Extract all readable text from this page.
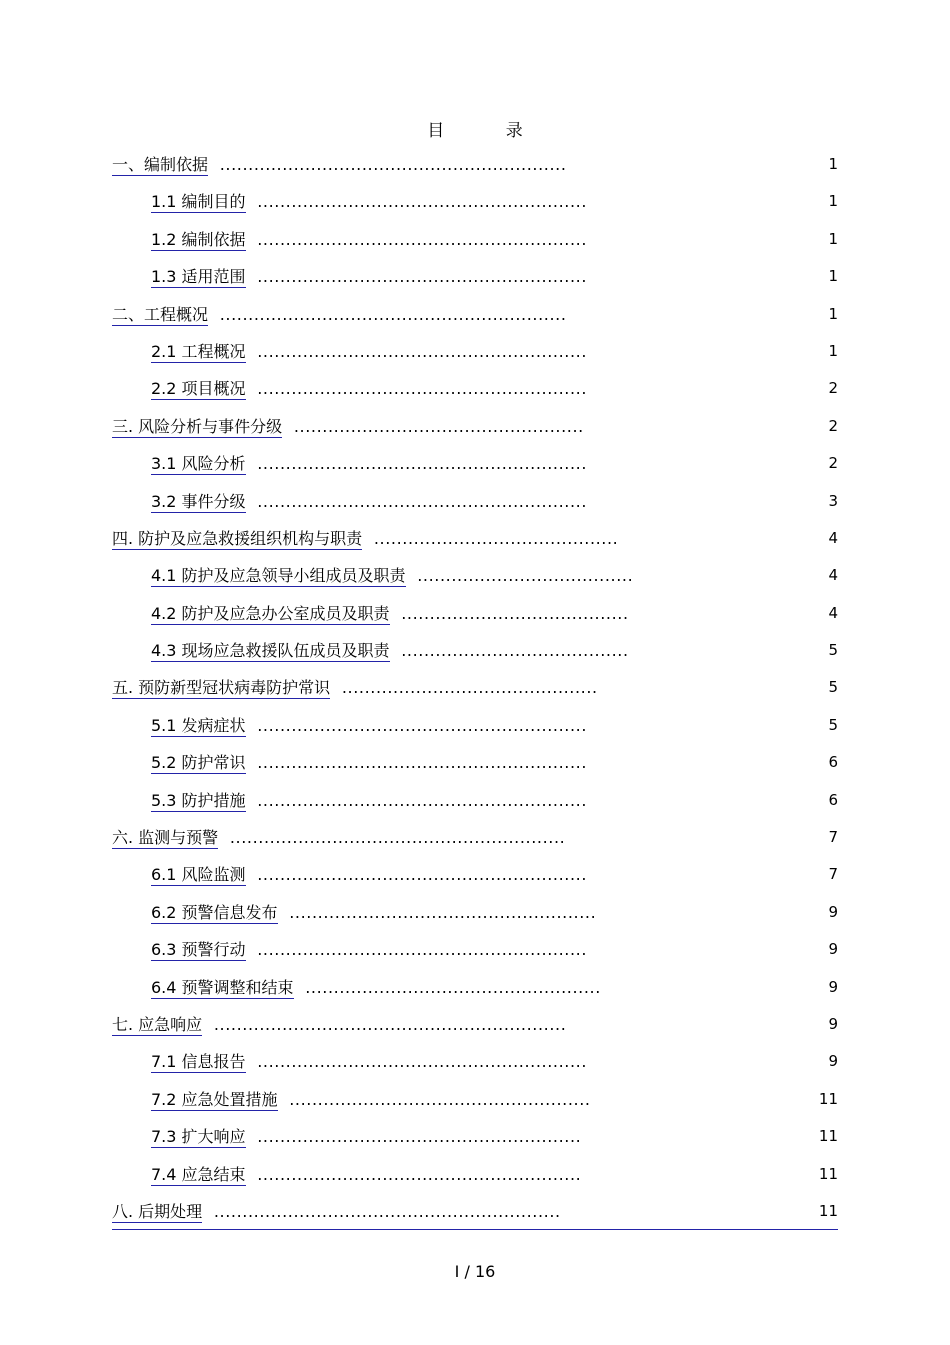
目 录
一、编制依据 .............................................................	1
1.1 编制目的 ..........................................................	1
1.2 编制依据 ..........................................................	1
1.3 适用范围 ..........................................................	1
二、工程概况 .............................................................	1
2.1 工程概况 ..........................................................	1
2.2 项目概况 ..........................................................	2
三. 风险分析与事件分级 ...................................................	2
3.1 风险分析 ..........................................................	2
3.2 事件分级 ..........................................................	3
四. 防护及应急救援组织机构与职责 ...........................................	4
4.1 防护及应急领导小组成员及职责 ......................................	4
4.2 防护及应急办公室成员及职责 ........................................	4
4.3 现场应急救援队伍成员及职责 ........................................	5
五. 预防新型冠状病毒防护常识 .............................................	5
5.1 发病症状 ..........................................................	5
5.2 防护常识 ..........................................................	6
5.3 防护措施 ..........................................................	6
六. 监测与预警 ...........................................................	7
6.1 风险监测 ..........................................................	7
6.2 预警信息发布 ......................................................	9
6.3 预警行动 ..........................................................	9
6.4 预警调整和结束 ....................................................	9
七. 应急响应 ..............................................................	9
7.1 信息报告 ..........................................................	9
7.2 应急处置措施 .....................................................	11
7.3 扩大响应 .........................................................	11
7.4 应急结束 .........................................................	11
八. 后期处理 .............................................................	11
I / 16
